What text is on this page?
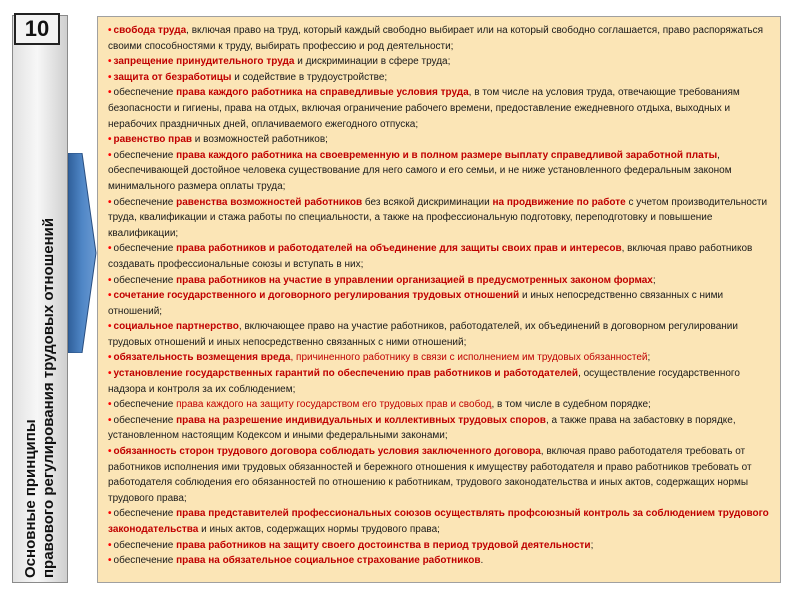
10
Основные принципы правового регулирования трудовых отношений

• свобода труда, включая право на труд, который каждый свободно выбирает или на который свободно соглашается, право распоряжаться своими способностями к труду, выбирать профессию и род деятельности;

• запрещение принудительного труда и дискриминации в сфере труда;

• защита от безработицы и содействие в трудоустройстве;

• обеспечение права каждого работника на справедливые условия труда, в том числе на условия труда, отвечающие требованиям безопасности и гигиены, права на отдых, включая ограничение рабочего времени, предоставление ежедневного отдыха, выходных и нерабочих праздничных дней, оплачиваемого ежегодного отпуска;

• равенство прав и возможностей работников;

• обеспечение права каждого работника на своевременную и в полном размере выплату справедливой заработной платы, обеспечивающей достойное человека существование для него самого и его семьи, и не ниже установленного федеральным законом минимального размера оплаты труда;

• обеспечение равенства возможностей работников без всякой дискриминации на продвижение по работе с учетом производительности труда, квалификации и стажа работы по специальности, а также на профессиональную подготовку, переподготовку и повышение квалификации;

• обеспечение права работников и работодателей на объединение для защиты своих прав и интересов, включая право работников создавать профессиональные союзы и вступать в них;

• обеспечение права работников на участие в управлении организацией в предусмотренных законом формах;

• сочетание государственного и договорного регулирования трудовых отношений и иных непосредственно связанных с ними отношений;

• социальное партнерство, включающее право на участие работников, работодателей, их объединений в договорном регулировании трудовых отношений и иных непосредственно связанных с ними отношений;

• обязательность возмещения вреда, причиненного работнику в связи с исполнением им трудовых обязанностей;

• установление государственных гарантий по обеспечению прав работников и работодателей, осуществление государственного надзора и контроля за их соблюдением;

• обеспечение права каждого на защиту государством его трудовых прав и свобод, в том числе в судебном порядке;

• обеспечение права на разрешение индивидуальных и коллективных трудовых споров, а также права на забастовку в порядке, установленном настоящим Кодексом и иными федеральными законами;

• обязанность сторон трудового договора соблюдать условия заключенного договора, включая право работодателя требовать от работников исполнения ими трудовых обязанностей и бережного отношения к имуществу работодателя и право работников требовать от работодателя соблюдения его обязанностей по отношению к работникам, трудового законодательства и иных актов, содержащих нормы трудового права;

• обеспечение права представителей профессиональных союзов осуществлять профсоюзный контроль за соблюдением трудового законодательства и иных актов, содержащих нормы трудового права;

• обеспечение права работников на защиту своего достоинства в период трудовой деятельности;

• обеспечение права на обязательное социальное страхование работников.
